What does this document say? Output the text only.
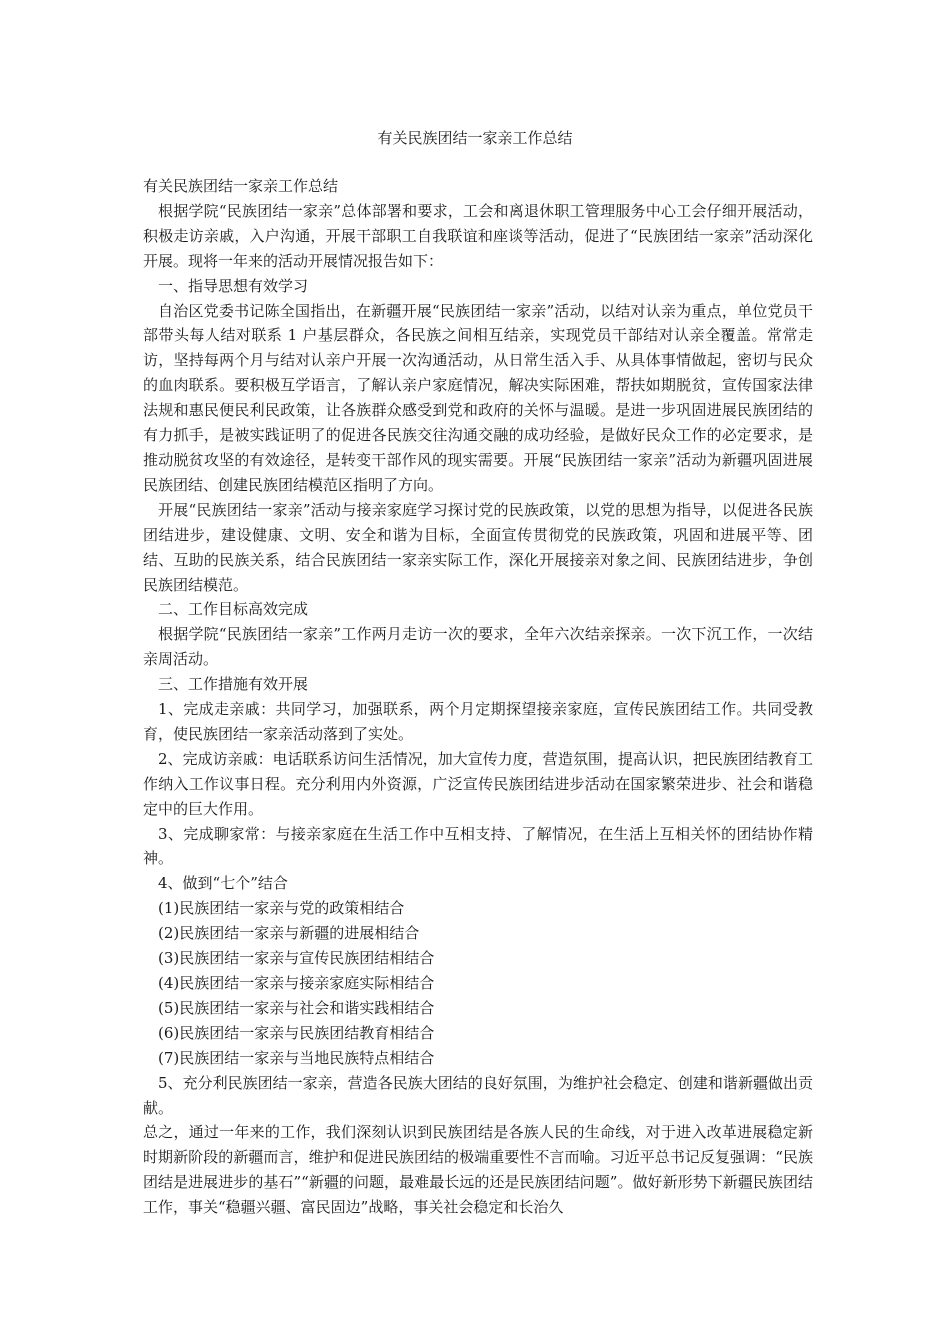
有关民族团结一家亲工作总结

有关民族团结一家亲工作总结

根据学院“民族团结一家亲”总体部署和要求，工会和离退休职工管理服务中心工会仔细开展活动，积极走访亲戚，入户沟通，开展干部职工自我联谊和座谈等活动，促进了“民族团结一家亲”活动深化开展。现将一年来的活动开展情况报告如下：

一、指导思想有效学习

自治区党委书记陈全国指出，在新疆开展“民族团结一家亲”活动，以结对认亲为重点，单位党员干部带头每人结对联系 1 户基层群众，各民族之间相互结亲，实现党员干部结对认亲全覆盖。常常走访，坚持每两个月与结对认亲户开展一次沟通活动，从日常生活入手、从具体事情做起，密切与民众的血肉联系。要积极互学语言，了解认亲户家庭情况，解决实际困难，帮扶如期脱贫，宣传国家法律法规和惠民便民利民政策，让各族群众感受到党和政府的关怀与温暖。是进一步巩固进展民族团结的有力抓手，是被实践证明了的促进各民族交往沟通交融的成功经验，是做好民众工作的必定要求，是推动脱贫攻坚的有效途径，是转变干部作风的现实需要。开展“民族团结一家亲”活动为新疆巩固进展民族团结、创建民族团结模范区指明了方向。

开展“民族团结一家亲”活动与接亲家庭学习探讨党的民族政策，以党的思想为指导，以促进各民族团结进步，建设健康、文明、安全和谐为目标，全面宣传贯彻党的民族政策，巩固和进展平等、团结、互助的民族关系，结合民族团结一家亲实际工作，深化开展接亲对象之间、民族团结进步，争创民族团结模范。

二、工作目标高效完成

根据学院“民族团结一家亲”工作两月走访一次的要求，全年六次结亲探亲。一次下沉工作，一次结亲周活动。

三、工作措施有效开展

1、完成走亲戚：共同学习，加强联系，两个月定期探望接亲家庭，宣传民族团结工作。共同受教育，使民族团结一家亲活动落到了实处。

2、完成访亲戚：电话联系访问生活情况，加大宣传力度，营造氛围，提高认识，把民族团结教育工作纳入工作议事日程。充分利用内外资源，广泛宣传民族团结进步活动在国家繁荣进步、社会和谐稳定中的巨大作用。

3、完成聊家常：与接亲家庭在生活工作中互相支持、了解情况，在生活上互相关怀的团结协作精神。

4、做到“七个”结合

(1)民族团结一家亲与党的政策相结合

(2)民族团结一家亲与新疆的进展相结合

(3)民族团结一家亲与宣传民族团结相结合

(4)民族团结一家亲与接亲家庭实际相结合

(5)民族团结一家亲与社会和谐实践相结合

(6)民族团结一家亲与民族团结教育相结合

(7)民族团结一家亲与当地民族特点相结合

5、充分利民族团结一家亲，营造各民族大团结的良好氛围，为维护社会稳定、创建和谐新疆做出贡献。

总之，通过一年来的工作，我们深刻认识到民族团结是各族人民的生命线，对于进入改革进展稳定新时期新阶段的新疆而言，维护和促进民族团结的极端重要性不言而喻。习近平总书记反复强调：“民族团结是进展进步的基石”“新疆的问题，最难最长远的还是民族团结问题”。做好新形势下新疆民族团结工作，事关“稳疆兴疆、富民固边”战略，事关社会稳定和长治久
